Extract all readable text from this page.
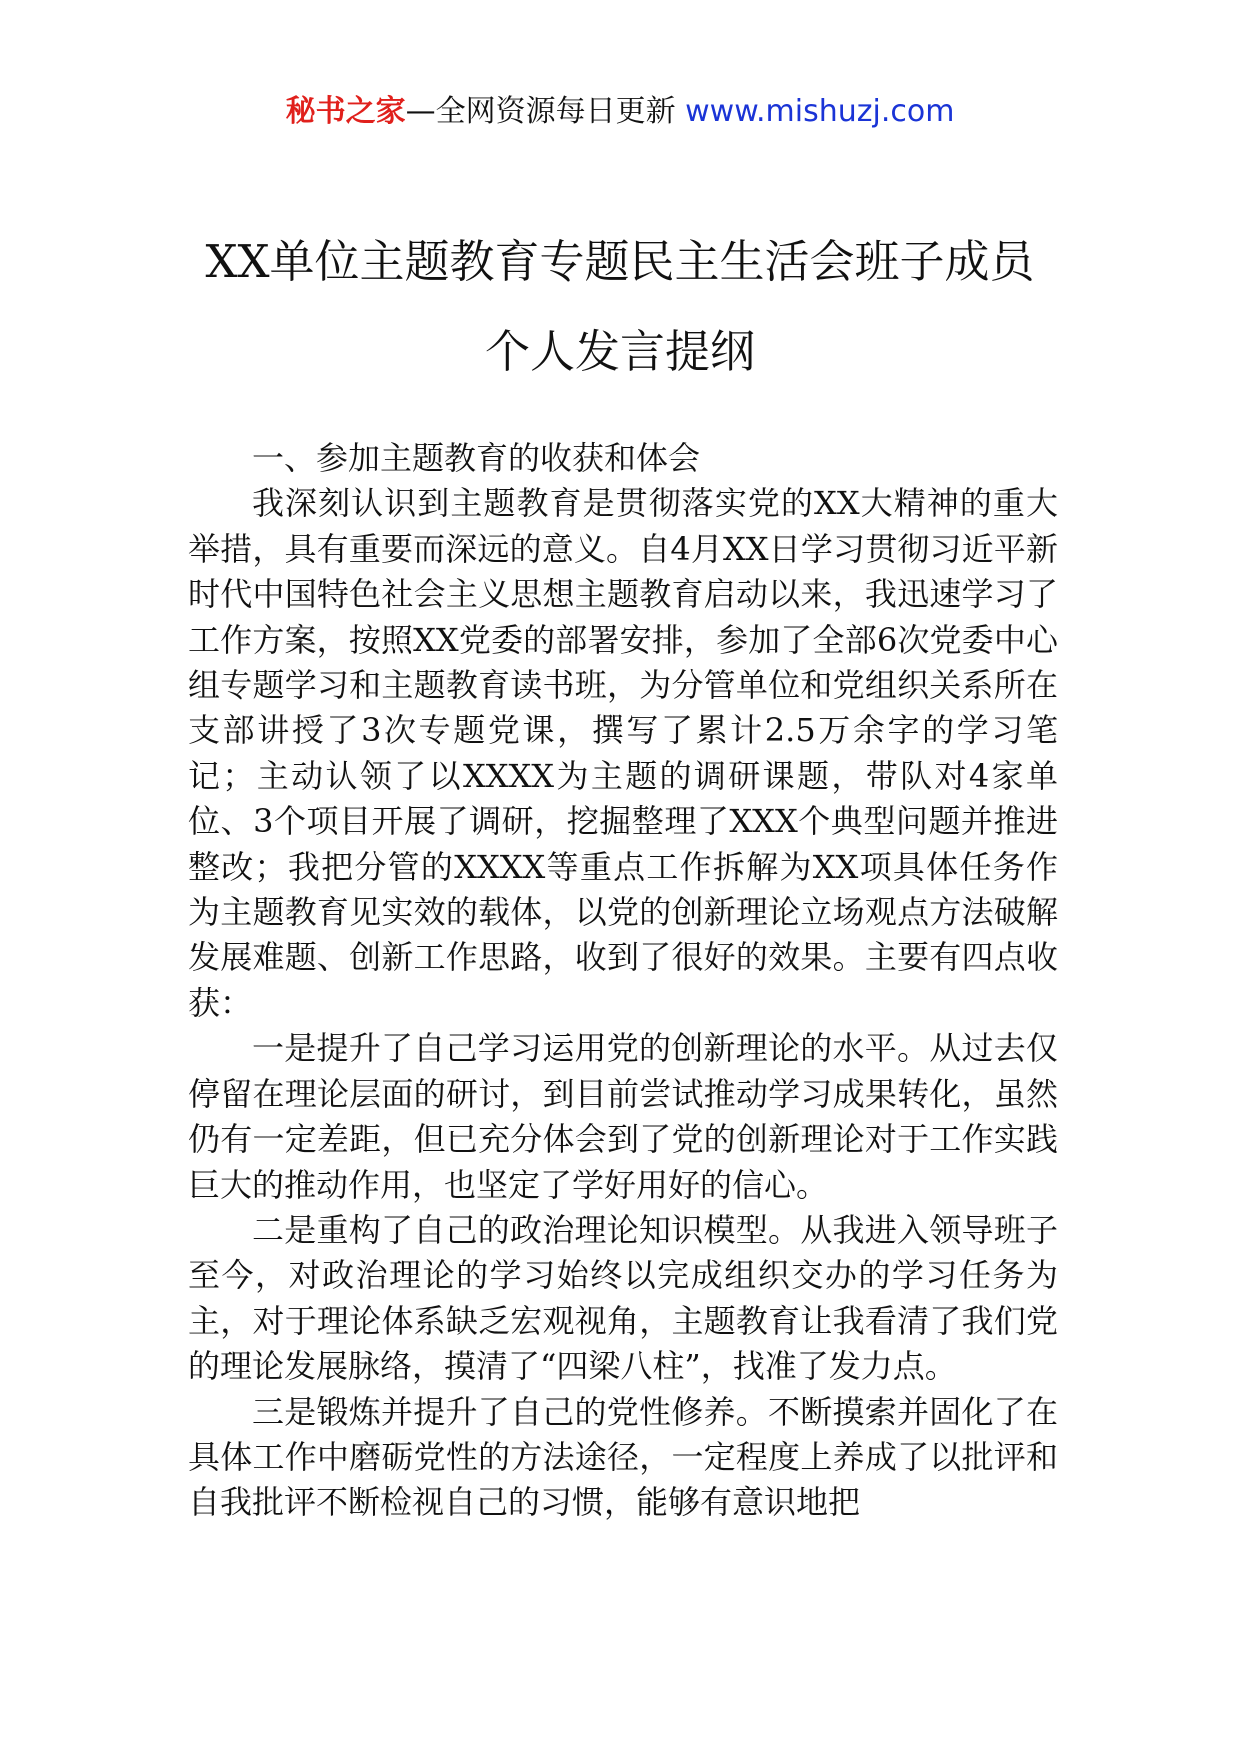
秘书之家—全网资源每日更新 www.mishuzj.com
XX单位主题教育专题民主生活会班子成员
个人发言提纲

一、参加主题教育的收获和体会

我深刻认识到主题教育是贯彻落实党的XX大精神的重大举措，具有重要而深远的意义。自4月XX日学习贯彻习近平新时代中国特色社会主义思想主题教育启动以来，我迅速学习了工作方案，按照XX党委的部署安排，参加了全部6次党委中心组专题学习和主题教育读书班，为分管单位和党组织关系所在支部讲授了3次专题党课，撰写了累计2.5万余字的学习笔记；主动认领了以XXXX为主题的调研课题，带队对4家单位、3个项目开展了调研，挖掘整理了XXX个典型问题并推进整改；我把分管的XXXX等重点工作拆解为XX项具体任务作为主题教育见实效的载体，以党的创新理论立场观点方法破解发展难题、创新工作思路，收到了很好的效果。主要有四点收获：

一是提升了自己学习运用党的创新理论的水平。从过去仅停留在理论层面的研讨，到目前尝试推动学习成果转化，虽然仍有一定差距，但已充分体会到了党的创新理论对于工作实践巨大的推动作用，也坚定了学好用好的信心。

二是重构了自己的政治理论知识模型。从我进入领导班子至今，对政治理论的学习始终以完成组织交办的学习任务为主，对于理论体系缺乏宏观视角，主题教育让我看清了我们党的理论发展脉络，摸清了“四梁八柱”，找准了发力点。

三是锻炼并提升了自己的党性修养。不断摸索并固化了在具体工作中磨砺党性的方法途径，一定程度上养成了以批评和自我批评不断检视自己的习惯，能够有意识地把
